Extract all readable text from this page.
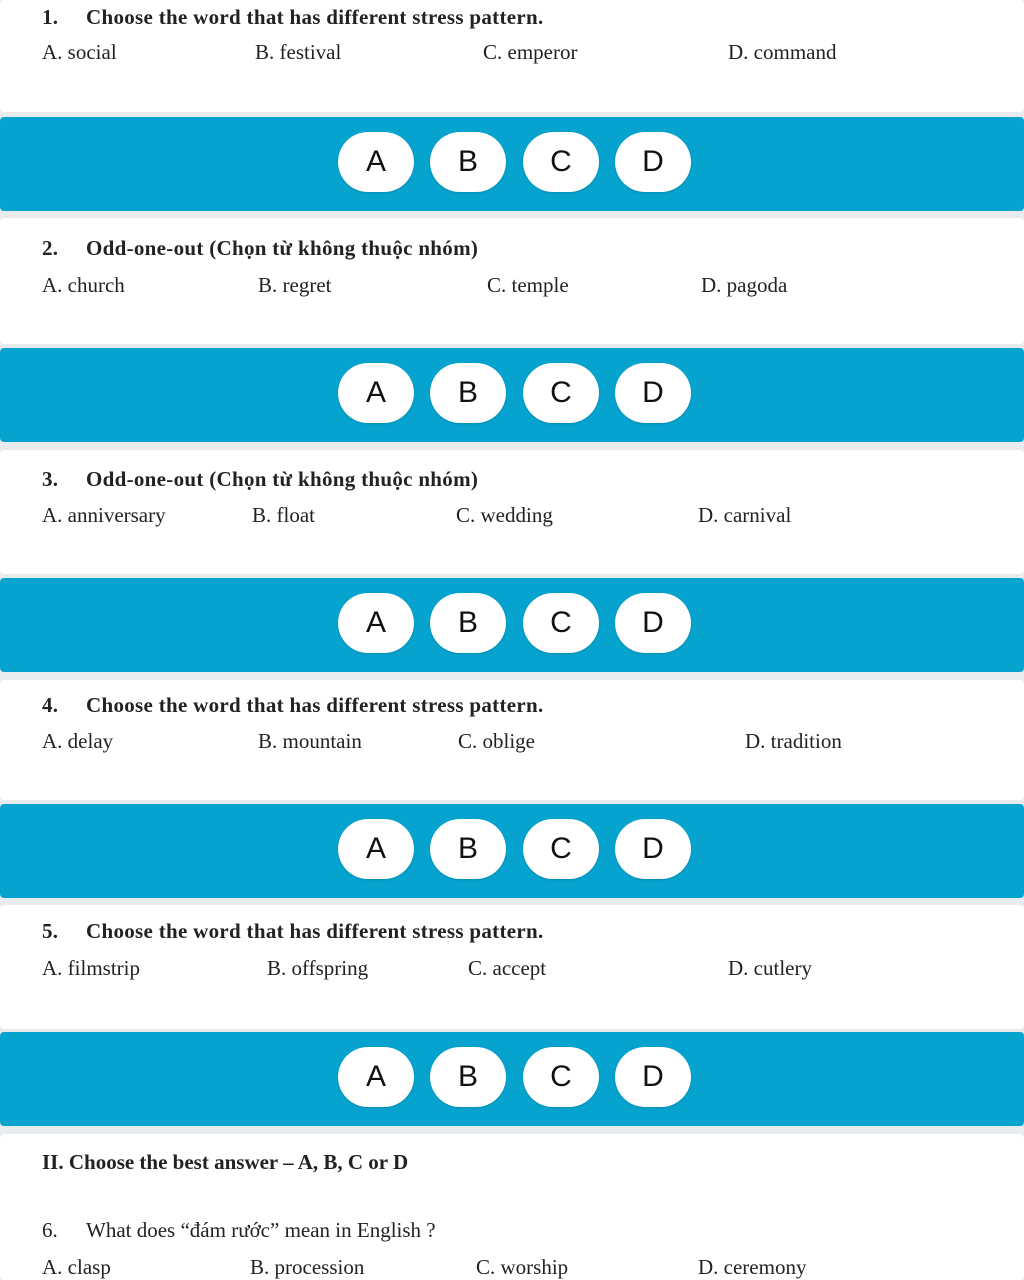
1. Choose the word that has different stress pattern.
A. social	B. festival	C. emperor	D. command
A	B	C	D
2. Odd-one-out (Chọn từ không thuộc nhóm)
A. church	B. regret	C. temple	D. pagoda
A	B	C	D
3. Odd-one-out (Chọn từ không thuộc nhóm)
A. anniversary	B. float	C. wedding	D. carnival
A	B	C	D
4. Choose the word that has different stress pattern.
A. delay	B. mountain	C. oblige	D. tradition
A	B	C	D
5. Choose the word that has different stress pattern.
A. filmstrip	B. offspring	C. accept	D. cutlery
A	B	C	D
II. Choose the best answer – A, B, C or D
6. What does “đám rước” mean in English ?
A. clasp	B. procession	C. worship	D. ceremony
